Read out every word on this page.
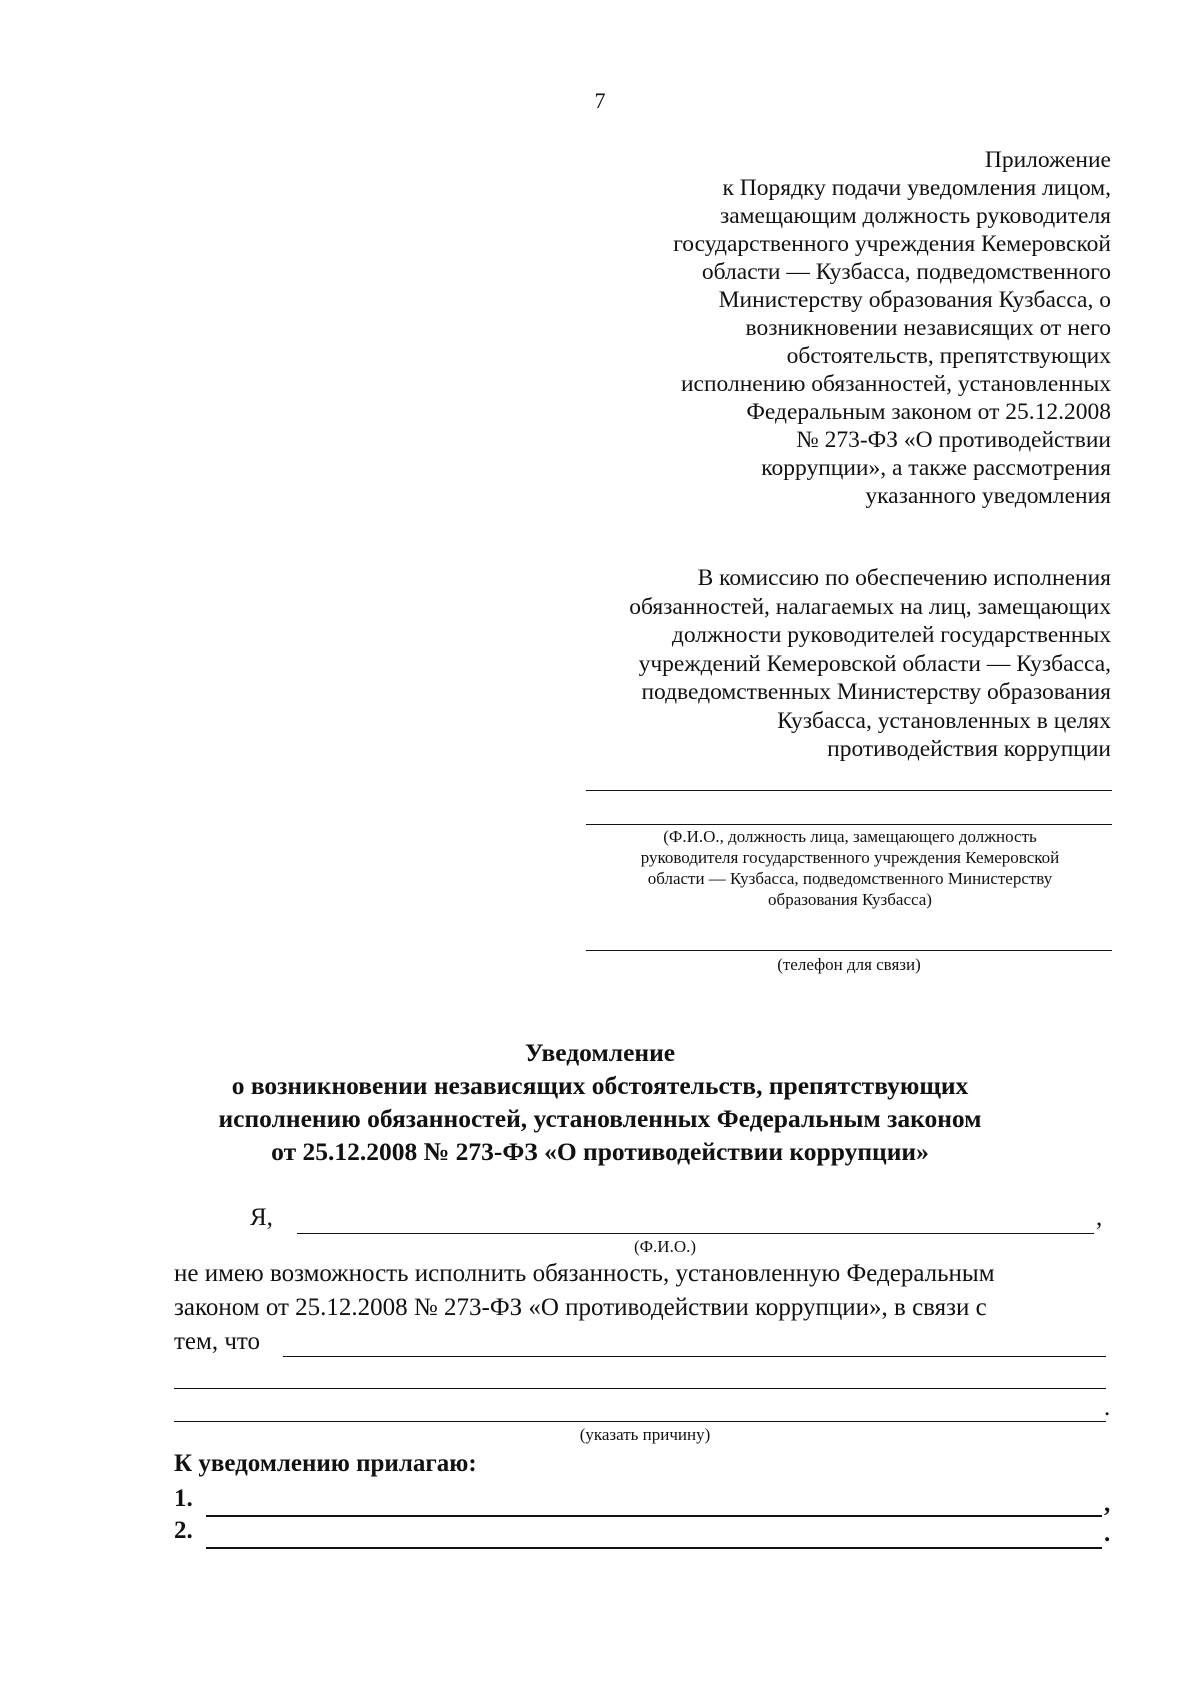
7
Приложение
к Порядку подачи уведомления лицом,
замещающим должность руководителя
государственного учреждения Кемеровской
области — Кузбасса, подведомственного
Министерству образования Кузбасса, о
возникновении независящих от него
обстоятельств, препятствующих
исполнению обязанностей, установленных
Федеральным законом от 25.12.2008
№ 273-ФЗ «О противодействии
коррупции», а также рассмотрения
указанного уведомления
В комиссию по обеспечению исполнения
обязанностей, налагаемых на лиц, замещающих
должности руководителей государственных
учреждений Кемеровской области — Кузбасса,
подведомственных Министерству образования
Кузбасса, установленных в целях
противодействия коррупции
(Ф.И.О., должность лица, замещающего должность
руководителя государственного учреждения Кемеровской
области — Кузбасса, подведомственного Министерству
образования Кузбасса)
(телефон для связи)
Уведомление
о возникновении независящих обстоятельств, препятствующих
исполнению обязанностей, установленных Федеральным законом
от 25.12.2008 № 273-ФЗ «О противодействии коррупции»
Я,	,
(Ф.И.О.)
не имею возможность исполнить обязанность, установленную Федеральным
законом от 25.12.2008 № 273-ФЗ «О противодействии коррупции», в связи с
тем, что
.
(указать причину)
К уведомлению прилагаю:
1.	,
2.	.
